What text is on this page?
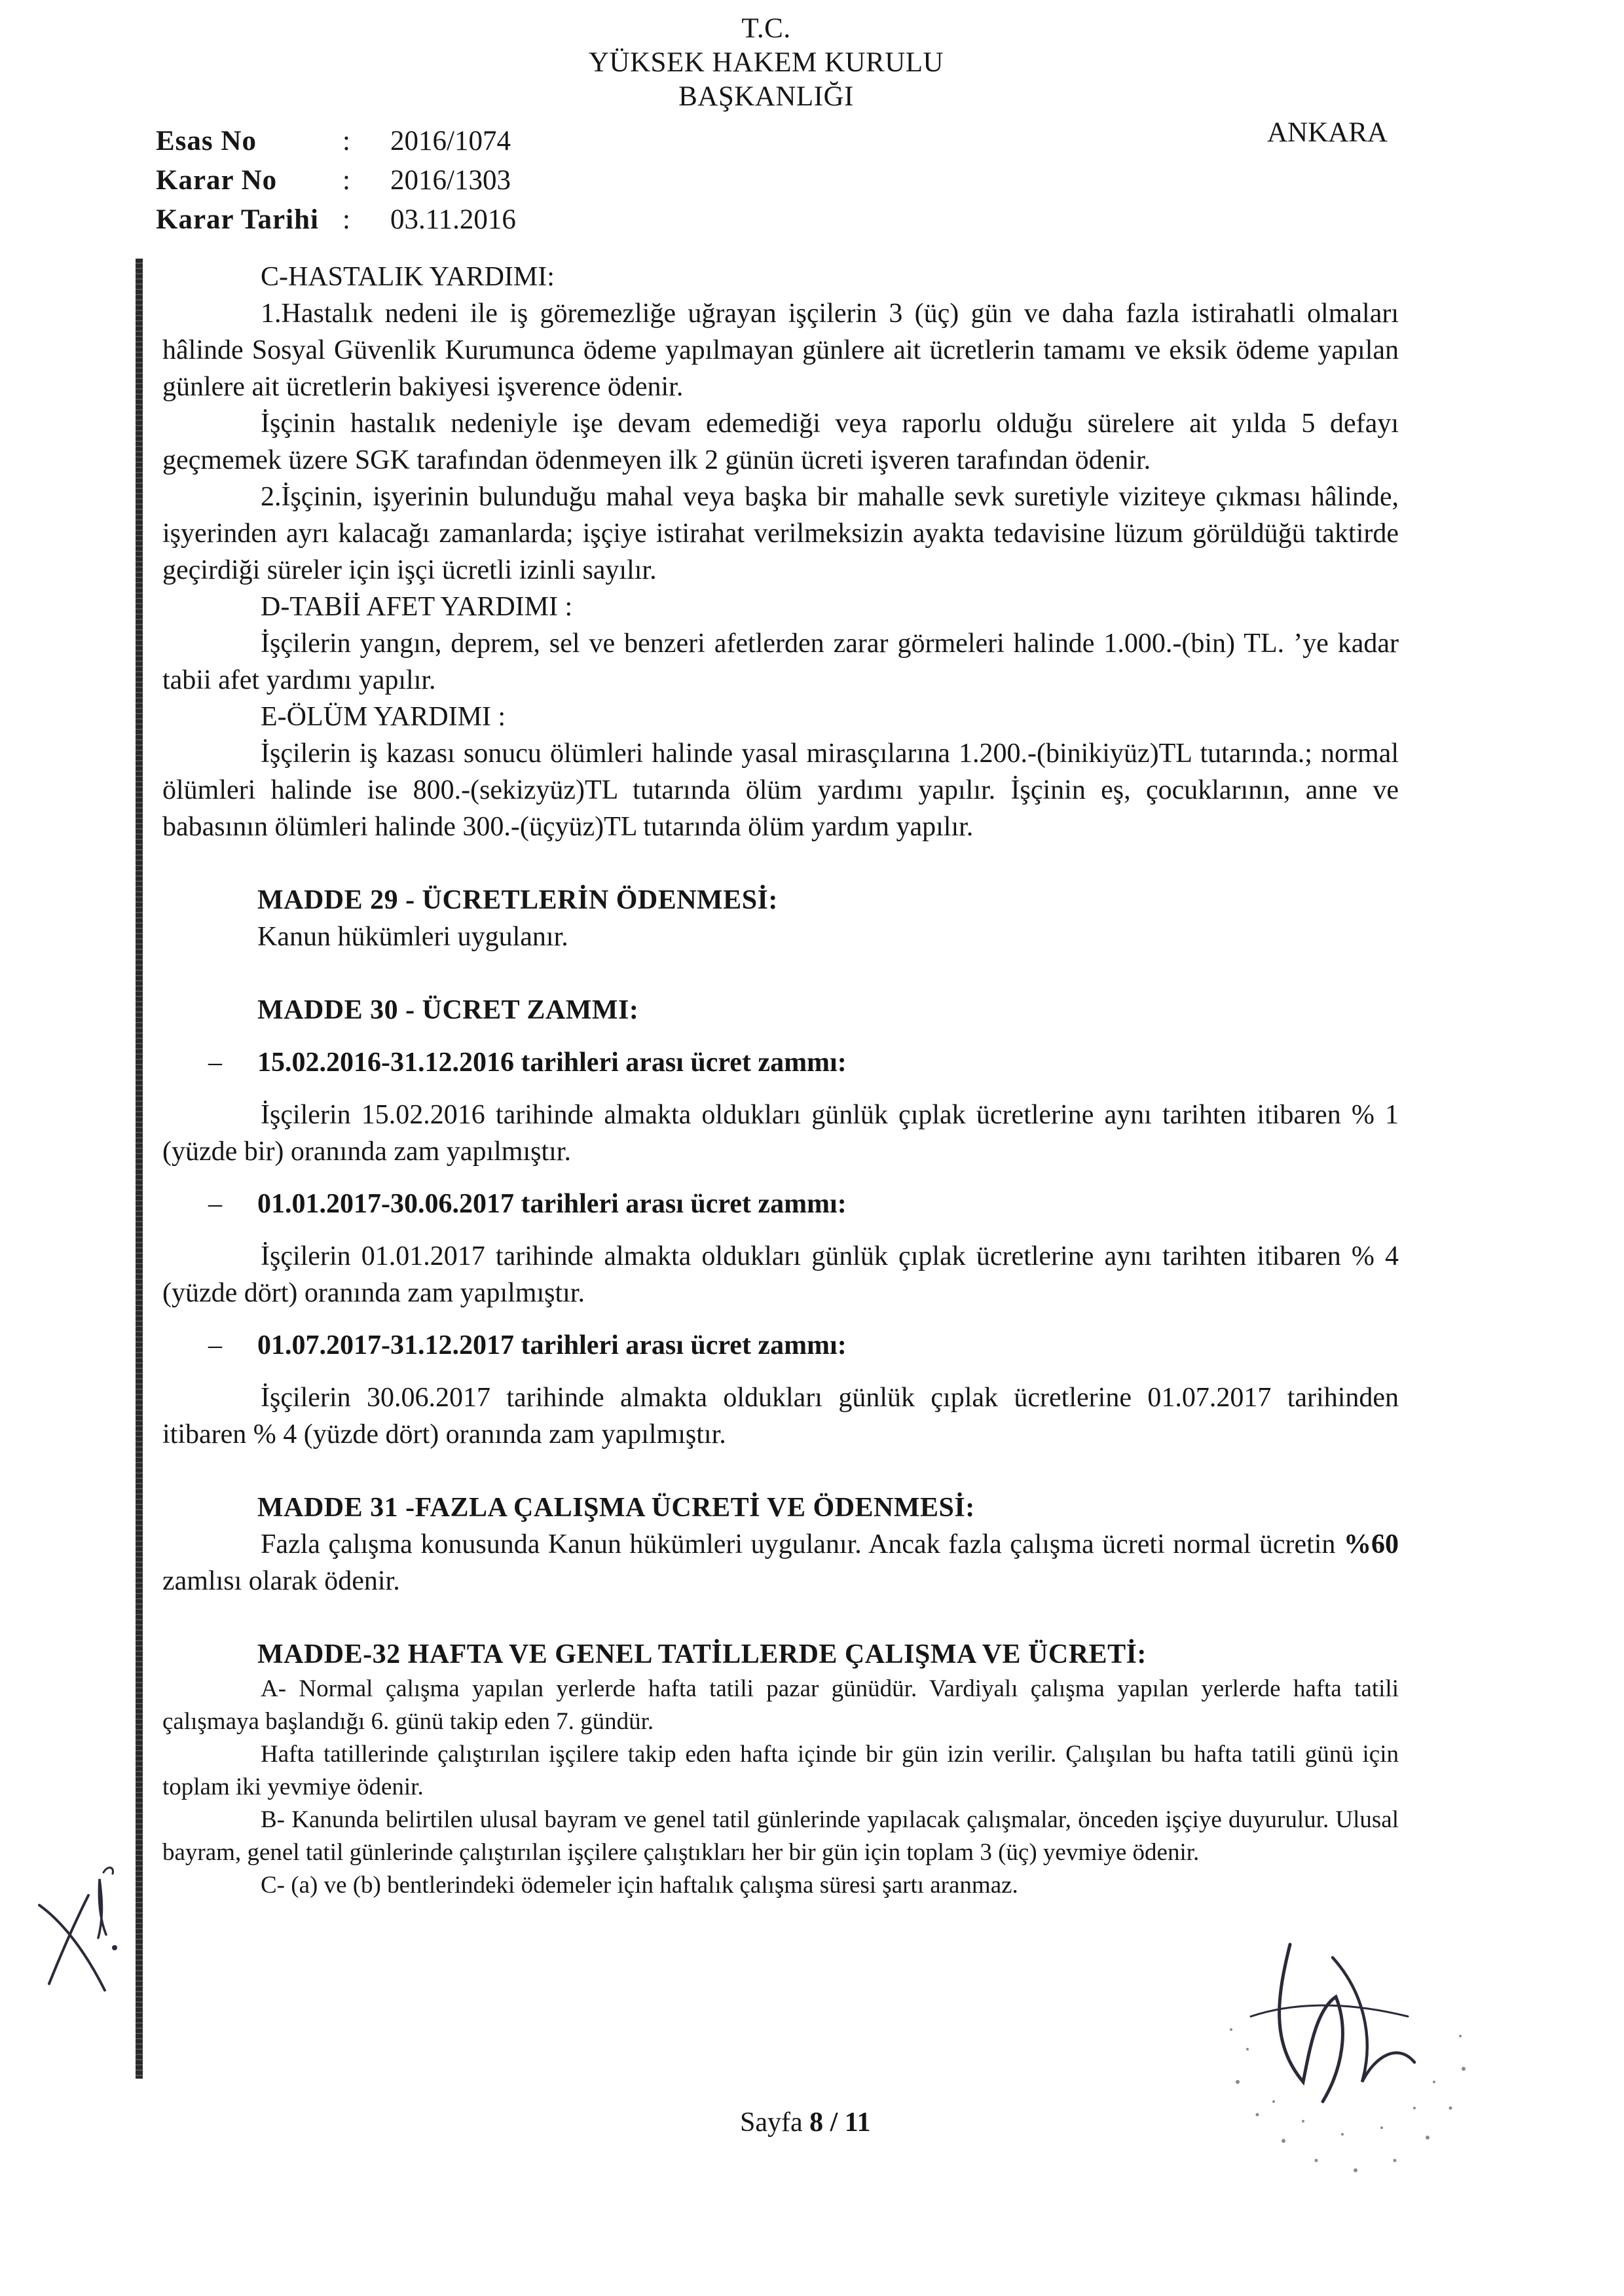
T.C.
YÜKSEK HAKEM KURULU
BAŞKANLIĞI
ANKARA
Esas No	: 2016/1074
Karar No : 2016/1303
Karar Tarihi : 03.11.2016

C-HASTALIK YARDIMI:

1.Hastalık nedeni ile iş göremezliğe uğrayan işçilerin 3 (üç) gün ve daha fazla istirahatli olmaları hâlinde Sosyal Güvenlik Kurumunca ödeme yapılmayan günlere ait ücretlerin tamamı ve eksik ödeme yapılan günlere ait ücretlerin bakiyesi işverence ödenir.

İşçinin hastalık nedeniyle işe devam edemediği veya raporlu olduğu sürelere ait yılda 5 defayı geçmemek üzere SGK tarafından ödenmeyen ilk 2 günün ücreti işveren tarafından ödenir.

2.İşçinin, işyerinin bulunduğu mahal veya başka bir mahalle sevk suretiyle viziteye çıkması hâlinde, işyerinden ayrı kalacağı zamanlarda; işçiye istirahat verilmeksizin ayakta tedavisine lüzum görüldüğü taktirde geçirdiği süreler için işçi ücretli izinli sayılır.

D-TABİİ AFET YARDIMI :

İşçilerin yangın, deprem, sel ve benzeri afetlerden zarar görmeleri halinde 1.000.-(bin) TL. ’ye kadar tabii afet yardımı yapılır.

E-ÖLÜM YARDIMI :

İşçilerin iş kazası sonucu ölümleri halinde yasal mirasçılarına 1.200.-(binikiyüz)TL tutarında.; normal ölümleri halinde ise 800.-(sekizyüz)TL tutarında ölüm yardımı yapılır. İşçinin eş, çocuklarının, anne ve babasının ölümleri halinde 300.-(üçyüz)TL tutarında ölüm yardım yapılır.

MADDE 29 - ÜCRETLERİN ÖDENMESİ:

Kanun hükümleri uygulanır.

MADDE 30 - ÜCRET ZAMMI:

– 15.02.2016-31.12.2016 tarihleri arası ücret zammı:

İşçilerin 15.02.2016 tarihinde almakta oldukları günlük çıplak ücretlerine aynı tarihten itibaren % 1 (yüzde bir) oranında zam yapılmıştır.

– 01.01.2017-30.06.2017 tarihleri arası ücret zammı:

İşçilerin 01.01.2017 tarihinde almakta oldukları günlük çıplak ücretlerine aynı tarihten itibaren % 4 (yüzde dört) oranında zam yapılmıştır.

– 01.07.2017-31.12.2017 tarihleri arası ücret zammı:

İşçilerin 30.06.2017 tarihinde almakta oldukları günlük çıplak ücretlerine 01.07.2017 tarihinden itibaren % 4 (yüzde dört) oranında zam yapılmıştır.

MADDE 31 -FAZLA ÇALIŞMA ÜCRETİ VE ÖDENMESİ:

Fazla çalışma konusunda Kanun hükümleri uygulanır. Ancak fazla çalışma ücreti normal ücretin %60 zamlısı olarak ödenir.

MADDE-32 HAFTA VE GENEL TATİLLERDE ÇALIŞMA VE ÜCRETİ:

A- Normal çalışma yapılan yerlerde hafta tatili pazar günüdür. Vardiyalı çalışma yapılan yerlerde hafta tatili çalışmaya başlandığı 6. günü takip eden 7. gündür.

Hafta tatillerinde çalıştırılan işçilere takip eden hafta içinde bir gün izin verilir. Çalışılan bu hafta tatili günü için toplam iki yevmiye ödenir.

B- Kanunda belirtilen ulusal bayram ve genel tatil günlerinde yapılacak çalışmalar, önceden işçiye duyurulur. Ulusal bayram, genel tatil günlerinde çalıştırılan işçilere çalıştıkları her bir gün için toplam 3 (üç) yevmiye ödenir.

C- (a) ve (b) bentlerindeki ödemeler için haftalık çalışma süresi şartı aranmaz.

Sayfa 8 / 11
